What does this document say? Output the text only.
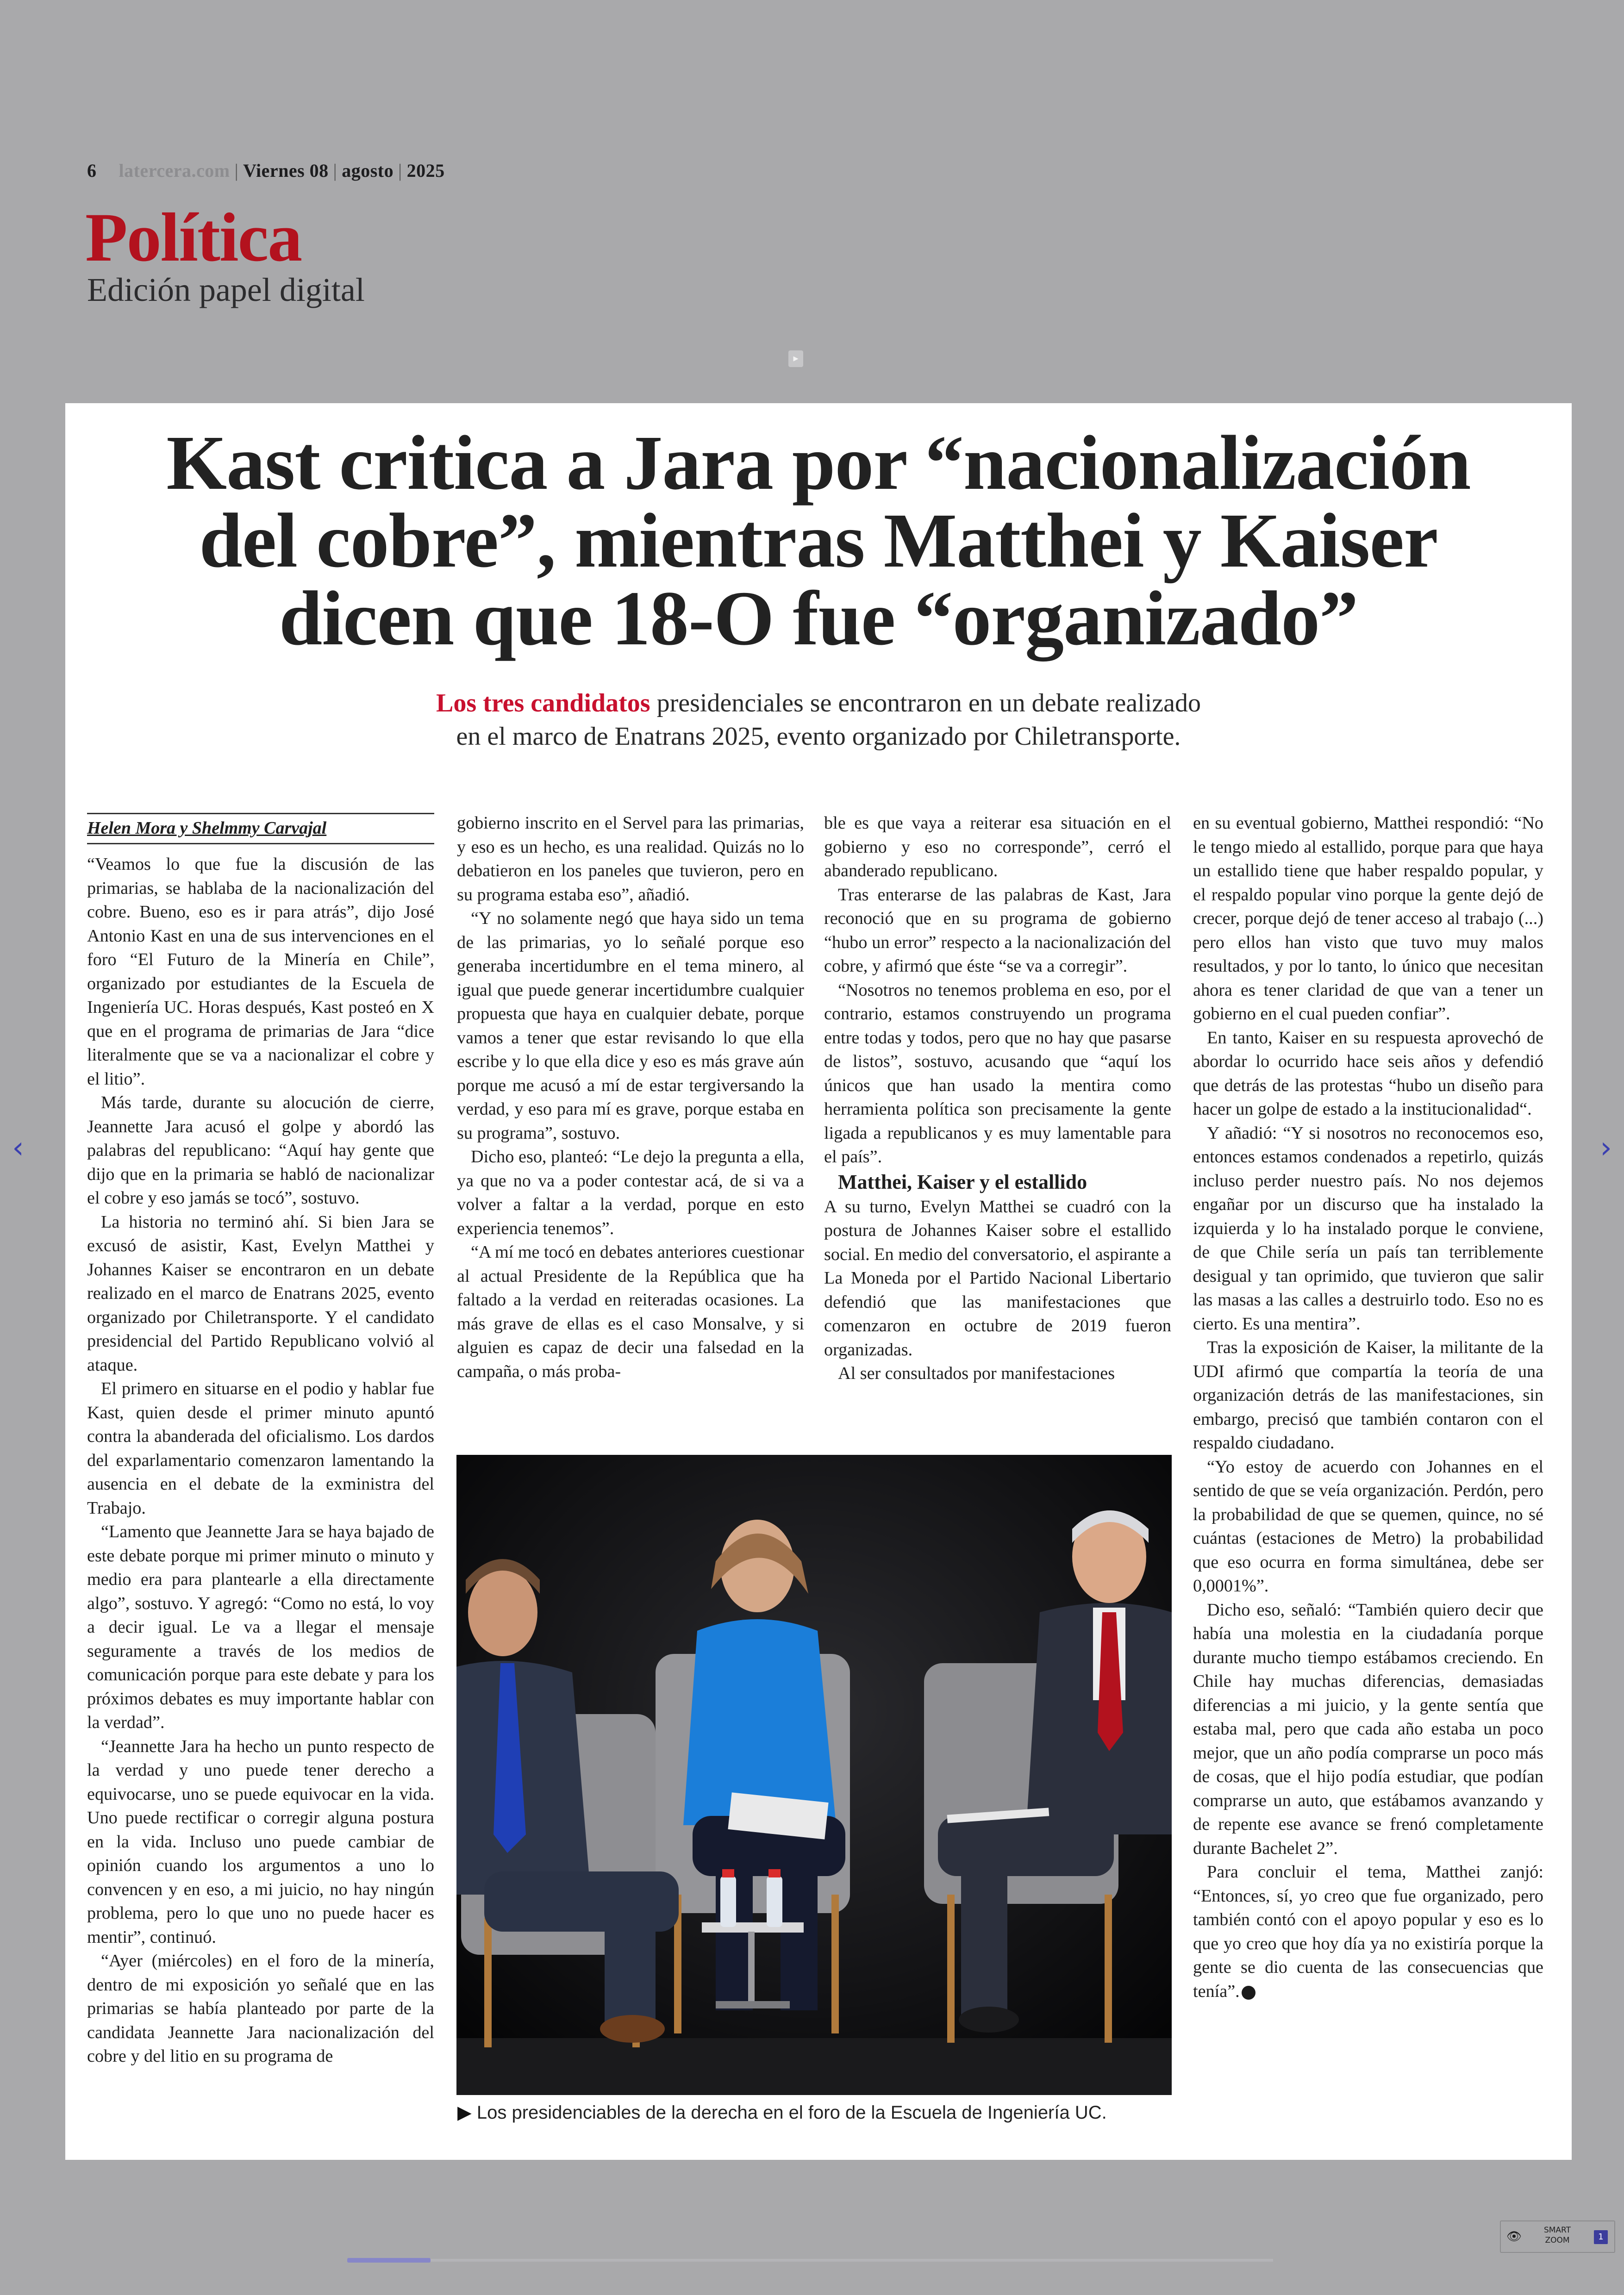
6 latercera.com | Viernes 08 | agosto | 2025
Política
Edición papel digital
▸
‹	›
Kast critica a Jara por “nacionalización
del cobre”, mientras Matthei y Kaiser
dicen que 18-O fue “organizado”
Los tres candidatos presidenciales se encontraron en un debate realizado
en el marco de Enatrans 2025, evento organizado por Chiletransporte.
Helen Mora y Shelmmy Carvajal

“Veamos lo que fue la discusión de las primarias, se hablaba de la nacionalización del cobre. Bueno, eso es ir para atrás”, dijo José Antonio Kast en una de sus intervenciones en el foro “El Futuro de la Minería en Chile”, organizado por estudiantes de la Escuela de Ingeniería UC. Horas después, Kast posteó en X que en el programa de primarias de Jara “dice literalmente que se va a nacionalizar el cobre y el litio”.

Más tarde, durante su alocución de cierre, Jeannette Jara acusó el golpe y abordó las palabras del republicano: “Aquí hay gente que dijo que en la primaria se habló de nacionalizar el cobre y eso jamás se tocó”, sostuvo.

La historia no terminó ahí. Si bien Jara se excusó de asistir, Kast, Evelyn Matthei y Johannes Kaiser se encontraron en un debate realizado en el marco de Enatrans 2025, evento organizado por Chiletransporte. Y el candidato presidencial del Partido Republicano volvió al ataque.

El primero en situarse en el podio y hablar fue Kast, quien desde el primer minuto apuntó contra la abanderada del oficialismo. Los dardos del exparlamentario comenzaron lamentando la ausencia en el debate de la exministra del Trabajo.

“Lamento que Jeannette Jara se haya bajado de este debate porque mi primer minuto o minuto y medio era para plantearle a ella directamente algo”, sostuvo. Y agregó: “Como no está, lo voy a decir igual. Le va a llegar el mensaje seguramente a través de los medios de comunicación porque para este debate y para los próximos debates es muy importante hablar con la verdad”.

“Jeannette Jara ha hecho un punto respecto de la verdad y uno puede tener derecho a equivocarse, uno se puede equivocar en la vida. Uno puede rectificar o corregir alguna postura en la vida. Incluso uno puede cambiar de opinión cuando los argumentos a uno lo convencen y en eso, a mi juicio, no hay ningún problema, pero lo que uno no puede hacer es mentir”, continuó.

“Ayer (miércoles) en el foro de la minería, dentro de mi exposición yo señalé que en las primarias se había planteado por parte de la candidata Jeannette Jara nacionalización del cobre y del litio en su programa de

gobierno inscrito en el Servel para las primarias, y eso es un hecho, es una realidad. Quizás no lo debatieron en los paneles que tuvieron, pero en su programa estaba eso”, añadió.

“Y no solamente negó que haya sido un tema de las primarias, yo lo señalé porque eso generaba incertidumbre en el tema minero, al igual que puede generar incertidumbre cualquier propuesta que haya en cualquier debate, porque vamos a tener que estar revisando lo que ella escribe y lo que ella dice y eso es más grave aún porque me acusó a mí de estar tergiversando la verdad, y eso para mí es grave, porque estaba en su programa”, sostuvo.

Dicho eso, planteó: “Le dejo la pregunta a ella, ya que no va a poder contestar acá, de si va a volver a faltar a la verdad, porque en esto experiencia tenemos”.

“A mí me tocó en debates anteriores cuestionar al actual Presidente de la República que ha faltado a la verdad en reiteradas ocasiones. La más grave de ellas es el caso Monsalve, y si alguien es capaz de decir una falsedad en la campaña, o más proba-

ble es que vaya a reiterar esa situación en el gobierno y eso no corresponde”, cerró el abanderado republicano.

Tras enterarse de las palabras de Kast, Jara reconoció que en su programa de gobierno “hubo un error” respecto a la nacionalización del cobre, y afirmó que éste “se va a corregir”.

“Nosotros no tenemos problema en eso, por el contrario, estamos construyendo un programa entre todas y todos, pero que no hay que pasarse de listos”, sostuvo, acusando que “aquí los únicos que han usado la mentira como herramienta política son precisamente la gente ligada a republicanos y es muy lamentable para el país”.

Matthei, Kaiser y el estallido

A su turno, Evelyn Matthei se cuadró con la postura de Johannes Kaiser sobre el estallido social. En medio del conversatorio, el aspirante a La Moneda por el Partido Nacional Libertario defendió que las manifestaciones que comenzaron en octubre de 2019 fueron organizadas.

Al ser consultados por manifestaciones

en su eventual gobierno, Matthei respondió: “No le tengo miedo al estallido, porque para que haya un estallido tiene que haber respaldo popular, y el respaldo popular vino porque la gente dejó de crecer, porque dejó de tener acceso al trabajo (...) pero ellos han visto que tuvo muy malos resultados, y por lo tanto, lo único que necesitan ahora es tener claridad de que van a tener un gobierno en el cual pueden confiar”.

En tanto, Kaiser en su respuesta aprovechó de abordar lo ocurrido hace seis años y defendió que detrás de las protestas “hubo un diseño para hacer un golpe de estado a la institucionalidad“.

Y añadió: “Y si nosotros no reconocemos eso, entonces estamos condenados a repetirlo, quizás incluso perder nuestro país. No nos dejemos engañar por un discurso que ha instalado la izquierda y lo ha instalado porque le conviene, de que Chile sería un país tan terriblemente desigual y tan oprimido, que tuvieron que salir las masas a las calles a destruirlo todo. Eso no es cierto. Es una mentira”.

Tras la exposición de Kaiser, la militante de la UDI afirmó que compartía la teoría de una organización detrás de las manifestaciones, sin embargo, precisó que también contaron con el respaldo ciudadano.

“Yo estoy de acuerdo con Johannes en el sentido de que se veía organización. Perdón, pero la probabilidad de que se quemen, quince, no sé cuántas (estaciones de Metro) la probabilidad que eso ocurra en forma simultánea, debe ser 0,0001%”.

Dicho eso, señaló: “También quiero decir que había una molestia en la ciudadanía porque durante mucho tiempo estábamos creciendo. En Chile hay muchas diferencias, demasiadas diferencias a mi juicio, y la gente sentía que estaba mal, pero que cada año estaba un poco mejor, que un año podía comprarse un poco más de cosas, que el hijo podía estudiar, que podían comprarse un auto, que estábamos avanzando y de repente ese avance se frenó completamente durante Bachelet 2”.

Para concluir el tema, Matthei zanjó: “Entonces, sí, yo creo que fue organizado, pero también contó con el apoyo popular y eso es lo que yo creo que hoy día ya no existiría porque la gente se dio cuenta de las consecuencias que tenía”.

▶ Los presidenciables de la derecha en el foro de la Escuela de Ingeniería UC.
👁	SMART
ZOOM	1
